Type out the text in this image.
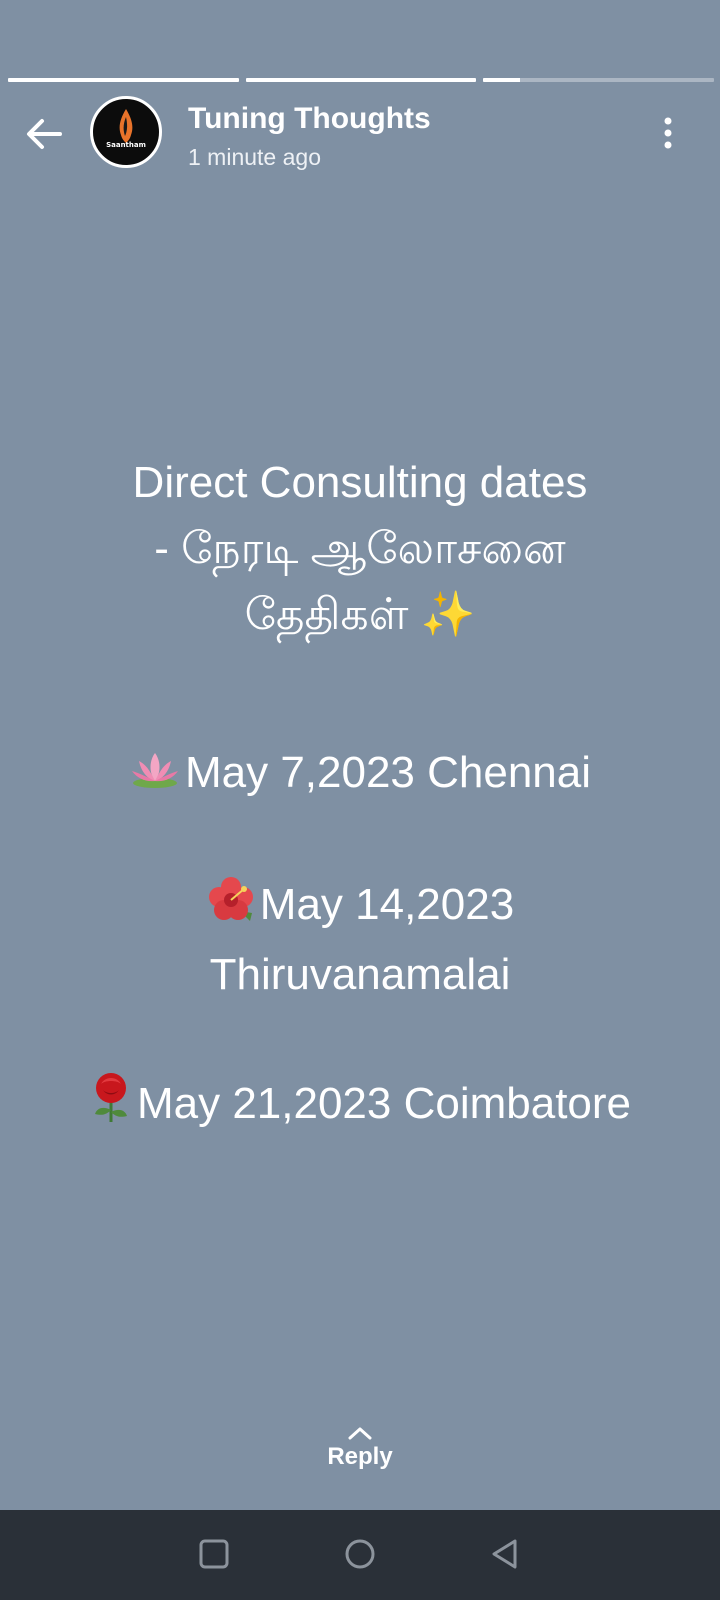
Saantham
Tuning Thoughts
1 minute ago
Direct Consulting dates
- நேரடி ஆலோசனை
தேதிகள் ✨
May 7,2023 Chennai
May 14,2023
Thiruvanamalai
May 21,2023 Coimbatore
Reply
